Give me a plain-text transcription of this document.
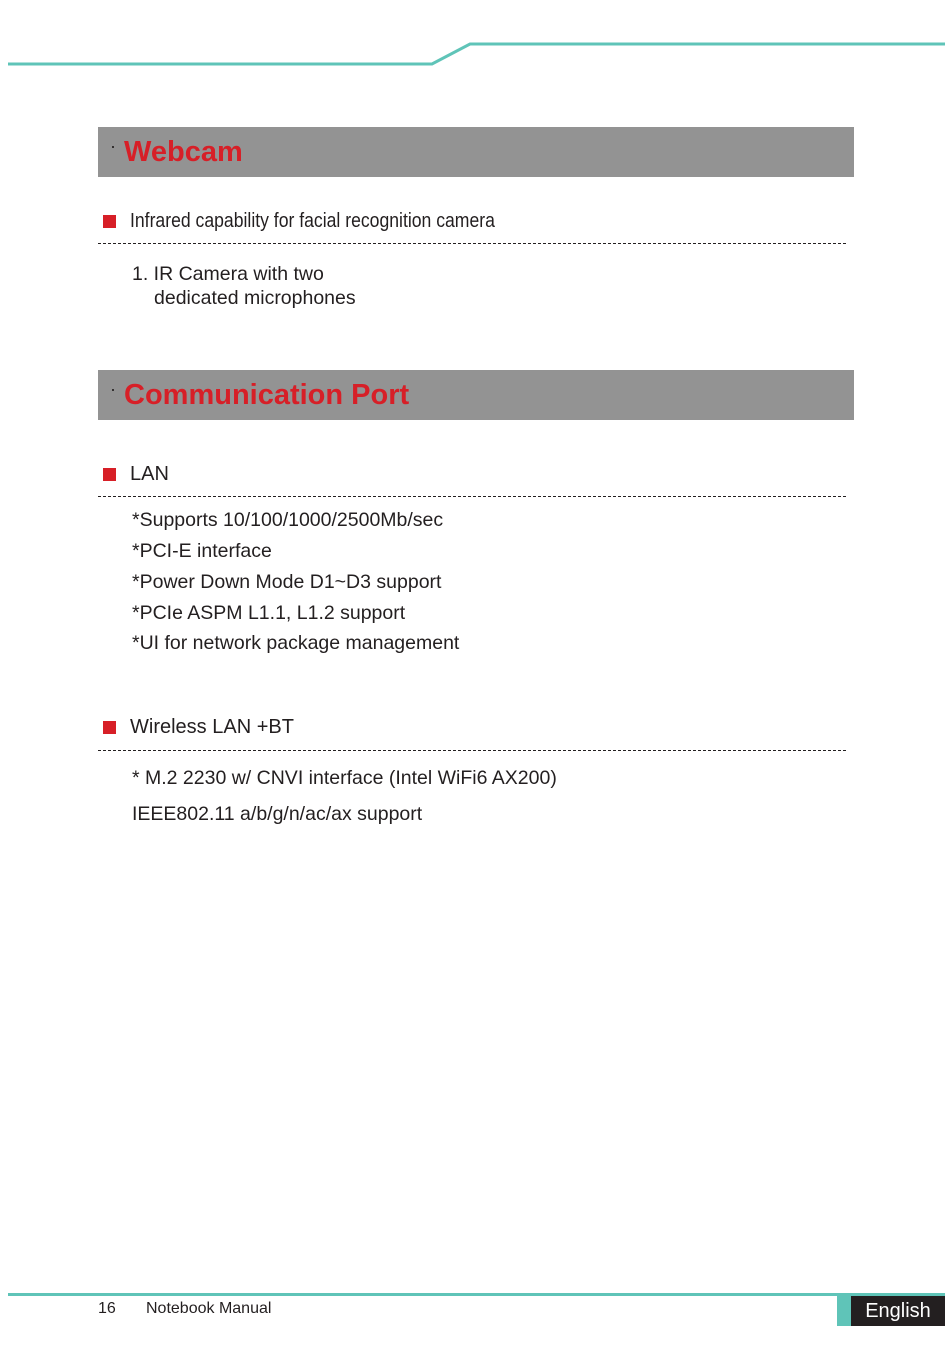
· Webcam
Infrared capability for facial recognition camera
1. IR Camera with two
dedicated microphones
· Communication Port
LAN
*Supports 10/100/1000/2500Mb/sec
*PCI-E interface
*Power Down Mode D1~D3 support
*PCIe ASPM L1.1, L1.2 support
*UI for network package management
Wireless LAN +BT
* M.2 2230 w/ CNVI interface (Intel WiFi6 AX200)
IEEE802.11 a/b/g/n/ac/ax support
16 Notebook Manual	English
